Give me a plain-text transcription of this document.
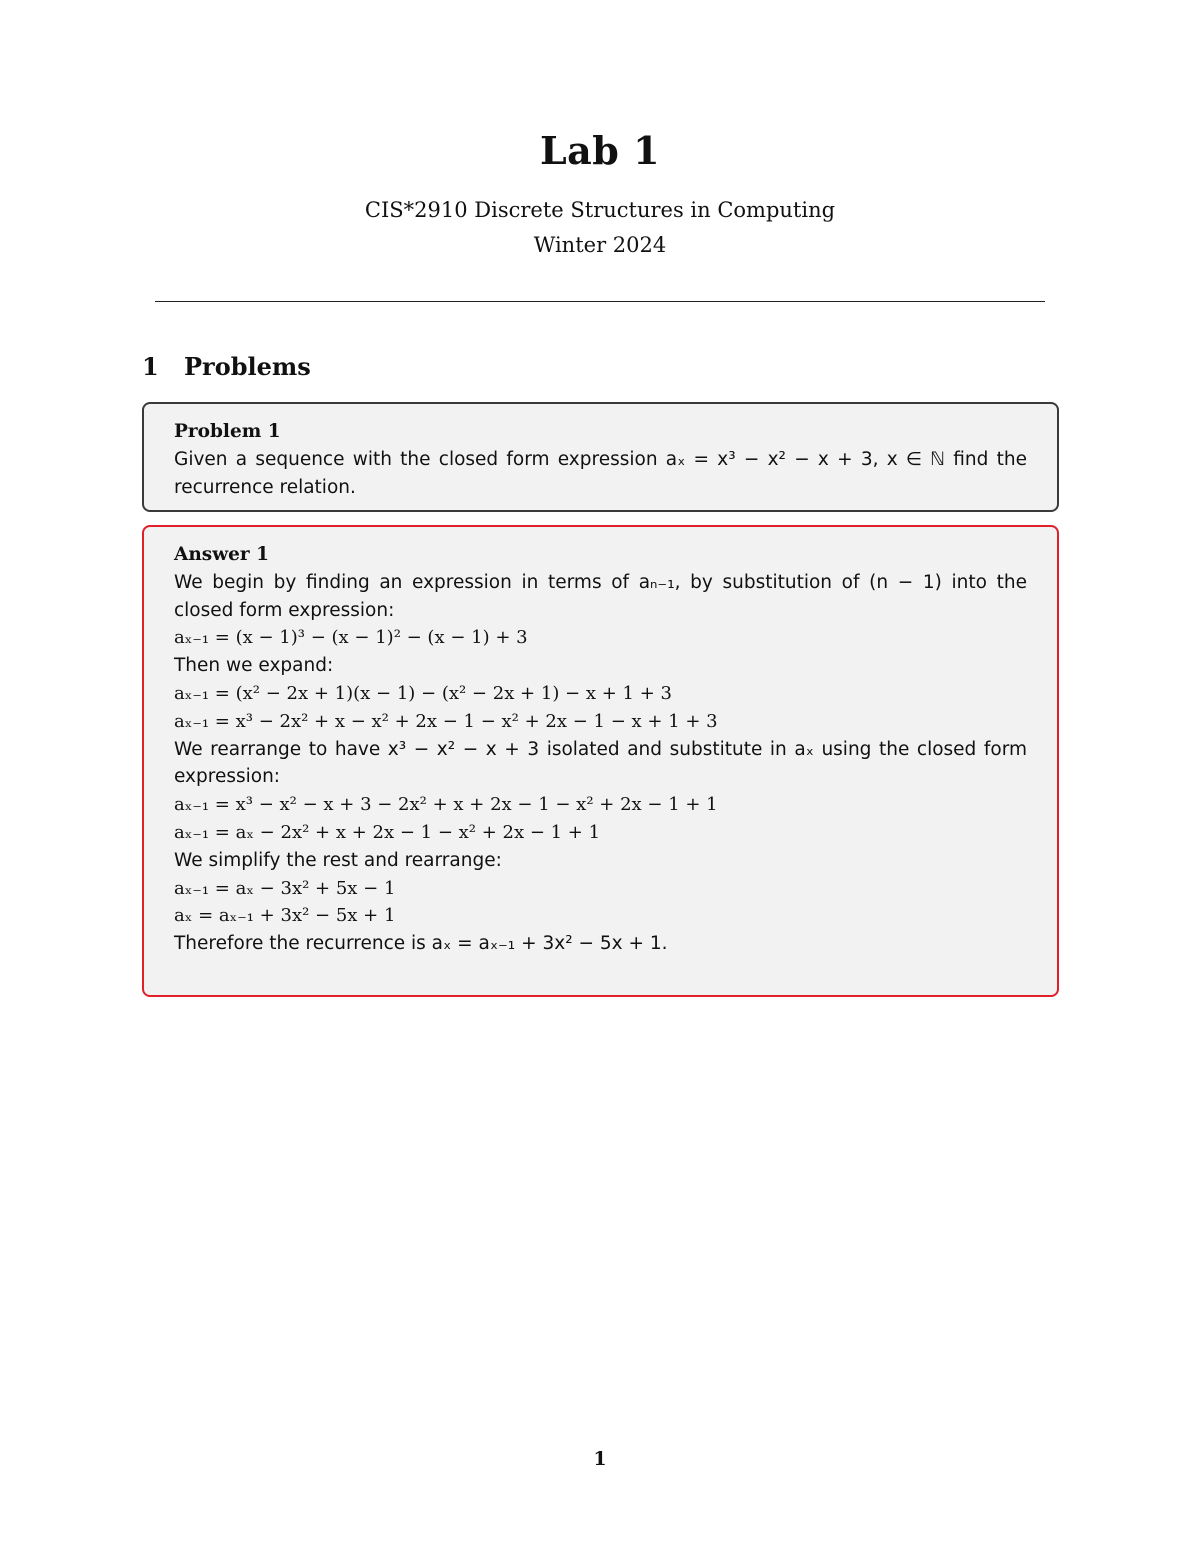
Lab 1
CIS*2910 Discrete Structures in Computing
Winter 2024
1 Problems
Problem 1
Given a sequence with the closed form expression aₓ = x³ − x² − x + 3, x ∈ ℕ find the recurrence relation.
Answer 1
We begin by finding an expression in terms of aₙ₋₁, by substitution of (n − 1) into the closed form expression:
aₓ₋₁ = (x − 1)³ − (x − 1)² − (x − 1) + 3
Then we expand:
aₓ₋₁ = (x² − 2x + 1)(x − 1) − (x² − 2x + 1) − x + 1 + 3
aₓ₋₁ = x³ − 2x² + x − x² + 2x − 1 − x² + 2x − 1 − x + 1 + 3
We rearrange to have x³ − x² − x + 3 isolated and substitute in aₓ using the closed form expression:
aₓ₋₁ = x³ − x² − x + 3 − 2x² + x + 2x − 1 − x² + 2x − 1 + 1
aₓ₋₁ = aₓ − 2x² + x + 2x − 1 − x² + 2x − 1 + 1
We simplify the rest and rearrange:
aₓ₋₁ = aₓ − 3x² + 5x − 1
aₓ = aₓ₋₁ + 3x² − 5x + 1
Therefore the recurrence is aₓ = aₓ₋₁ + 3x² − 5x + 1.
1
